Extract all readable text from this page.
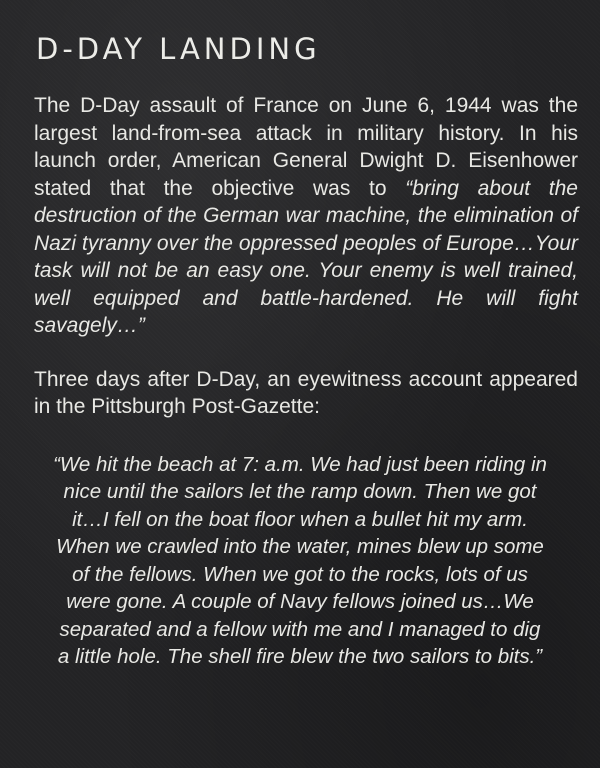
D-DAY LANDING

The D-Day assault of France on June 6, 1944 was the largest land-from-sea attack in military history. In his launch order, American General Dwight D. Eisenhower stated that the objective was to “bring about the destruction of the German war machine, the elimination of Nazi tyranny over the oppressed peoples of Europe…Your task will not be an easy one. Your enemy is well trained, well equipped and battle-hardened. He will fight savagely…”

Three days after D-Day, an eyewitness account appeared in the Pittsburgh Post-Gazette:

“We hit the beach at 7: a.m. We had just been riding in
nice until the sailors let the ramp down. Then we got
it…I fell on the boat floor when a bullet hit my arm.
When we crawled into the water, mines blew up some
of the fellows. When we got to the rocks, lots of us
were gone. A couple of Navy fellows joined us…We
separated and a fellow with me and I managed to dig
a little hole. The shell fire blew the two sailors to bits.”
